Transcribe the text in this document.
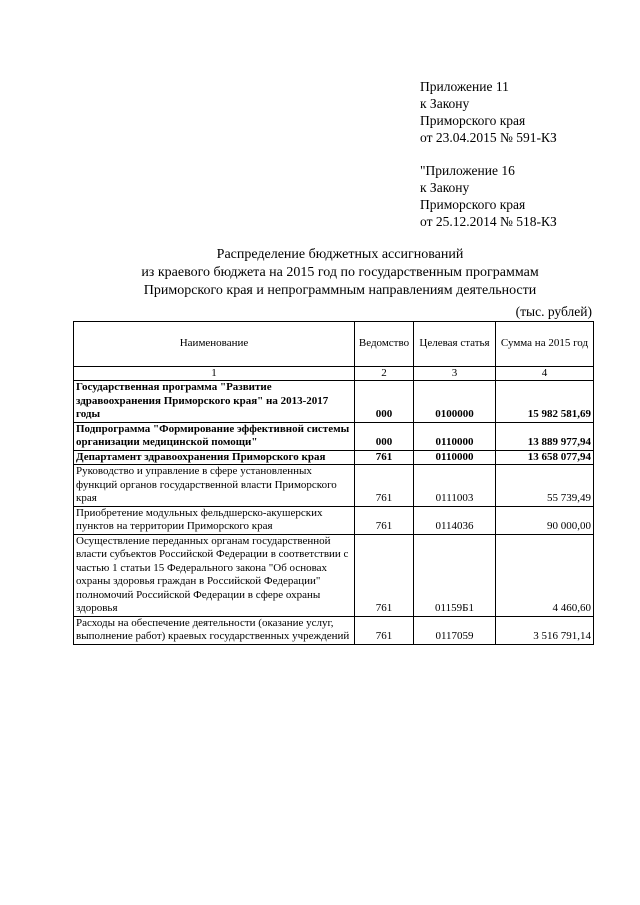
Приложение 11
к Закону
Приморского края
от 23.04.2015 № 591-КЗ
"Приложение 16
к Закону
Приморского края
от 25.12.2014 № 518-КЗ
Распределение бюджетных ассигнований
из краевого бюджета на 2015 год по государственным программам
Приморского края и непрограммным направлениям деятельности
(тыс. рублей)
Наименование	Ведомство	Целевая статья	Сумма на 2015 год
1	2	3	4
Государственная программа "Развитие здравоохранения Приморского края" на 2013-2017 годы	000	0100000	15 982 581,69
Подпрограмма "Формирование эффективной системы организации медицинской помощи"	000	0110000	13 889 977,94
Департамент здравоохранения Приморского края	761	0110000	13 658 077,94
Руководство и управление в сфере установленных функций органов государственной власти Приморского края	761	0111003	55 739,49
Приобретение модульных фельдшерско-акушерских пунктов на территории Приморского края	761	0114036	90 000,00
Осуществление переданных органам государственной власти субъектов Российской Федерации в соответствии с частью 1 статьи 15 Федерального закона "Об основах охраны здоровья граждан в Российской Федерации" полномочий Российской Федерации в сфере охраны здоровья	761	01159Б1	4 460,60
Расходы на обеспечение деятельности (оказание услуг, выполнение работ) краевых государственных учреждений	761	0117059	3 516 791,14
